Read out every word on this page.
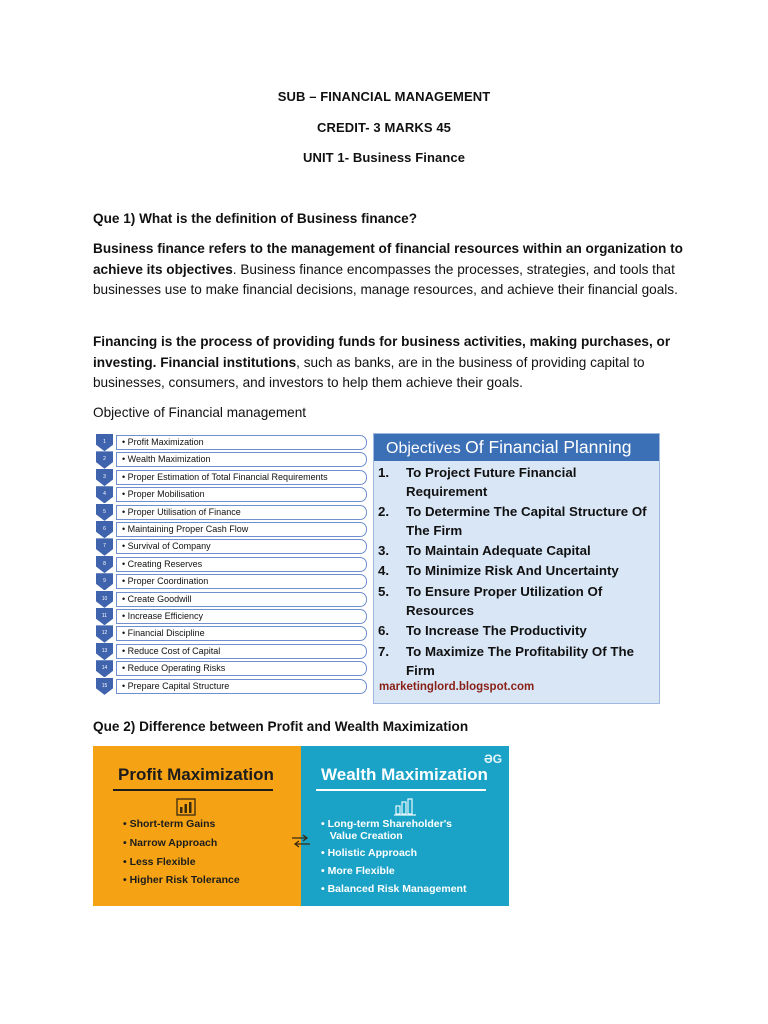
SUB – FINANCIAL MANAGEMENT
CREDIT- 3 MARKS 45
UNIT 1- Business Finance
Que 1) What is the definition of Business finance?
Business finance refers to the management of financial resources within an organization to achieve its objectives. Business finance encompasses the processes, strategies, and tools that businesses use to make financial decisions, manage resources, and achieve their financial goals.
Financing is the process of providing funds for business activities, making purchases, or investing. Financial institutions, such as banks, are in the business of providing capital to businesses, consumers, and investors to help them achieve their goals.
Objective of Financial management
1	• Profit Maximization
2	• Wealth Maximization
3	• Proper Estimation of Total Financial Requirements
4	• Proper Mobilisation
5	• Proper Utilisation of Finance
6	• Maintaining Proper Cash Flow
7	• Survival of Company
8	• Creating Reserves
9	• Proper Coordination
10	• Create Goodwill
11	• Increase Efficiency
12	• Financial Discipline
13	• Reduce Cost of Capital
14	• Reduce Operating Risks
15	• Prepare Capital Structure
Objectives Of Financial Planning
1.	To Project Future Financial Requirement
2.	To Determine The Capital Structure Of The Firm
3.	To Maintain Adequate Capital
4.	To Minimize Risk And Uncertainty
5.	To Ensure Proper Utilization Of Resources
6.	To Increase The Productivity
7.	To Maximize The Profitability Of The Firm
marketinglord.blogspot.com
Que 2) Difference between Profit and Wealth Maximization
Profit Maximization
• Short-term Gains
• Narrow Approach
• Less Flexible
• Higher Risk Tolerance
Wealth Maximization
• Long-term Shareholder's
Value Creation
• Holistic Approach
• More Flexible
• Balanced Risk Management
ƏG
